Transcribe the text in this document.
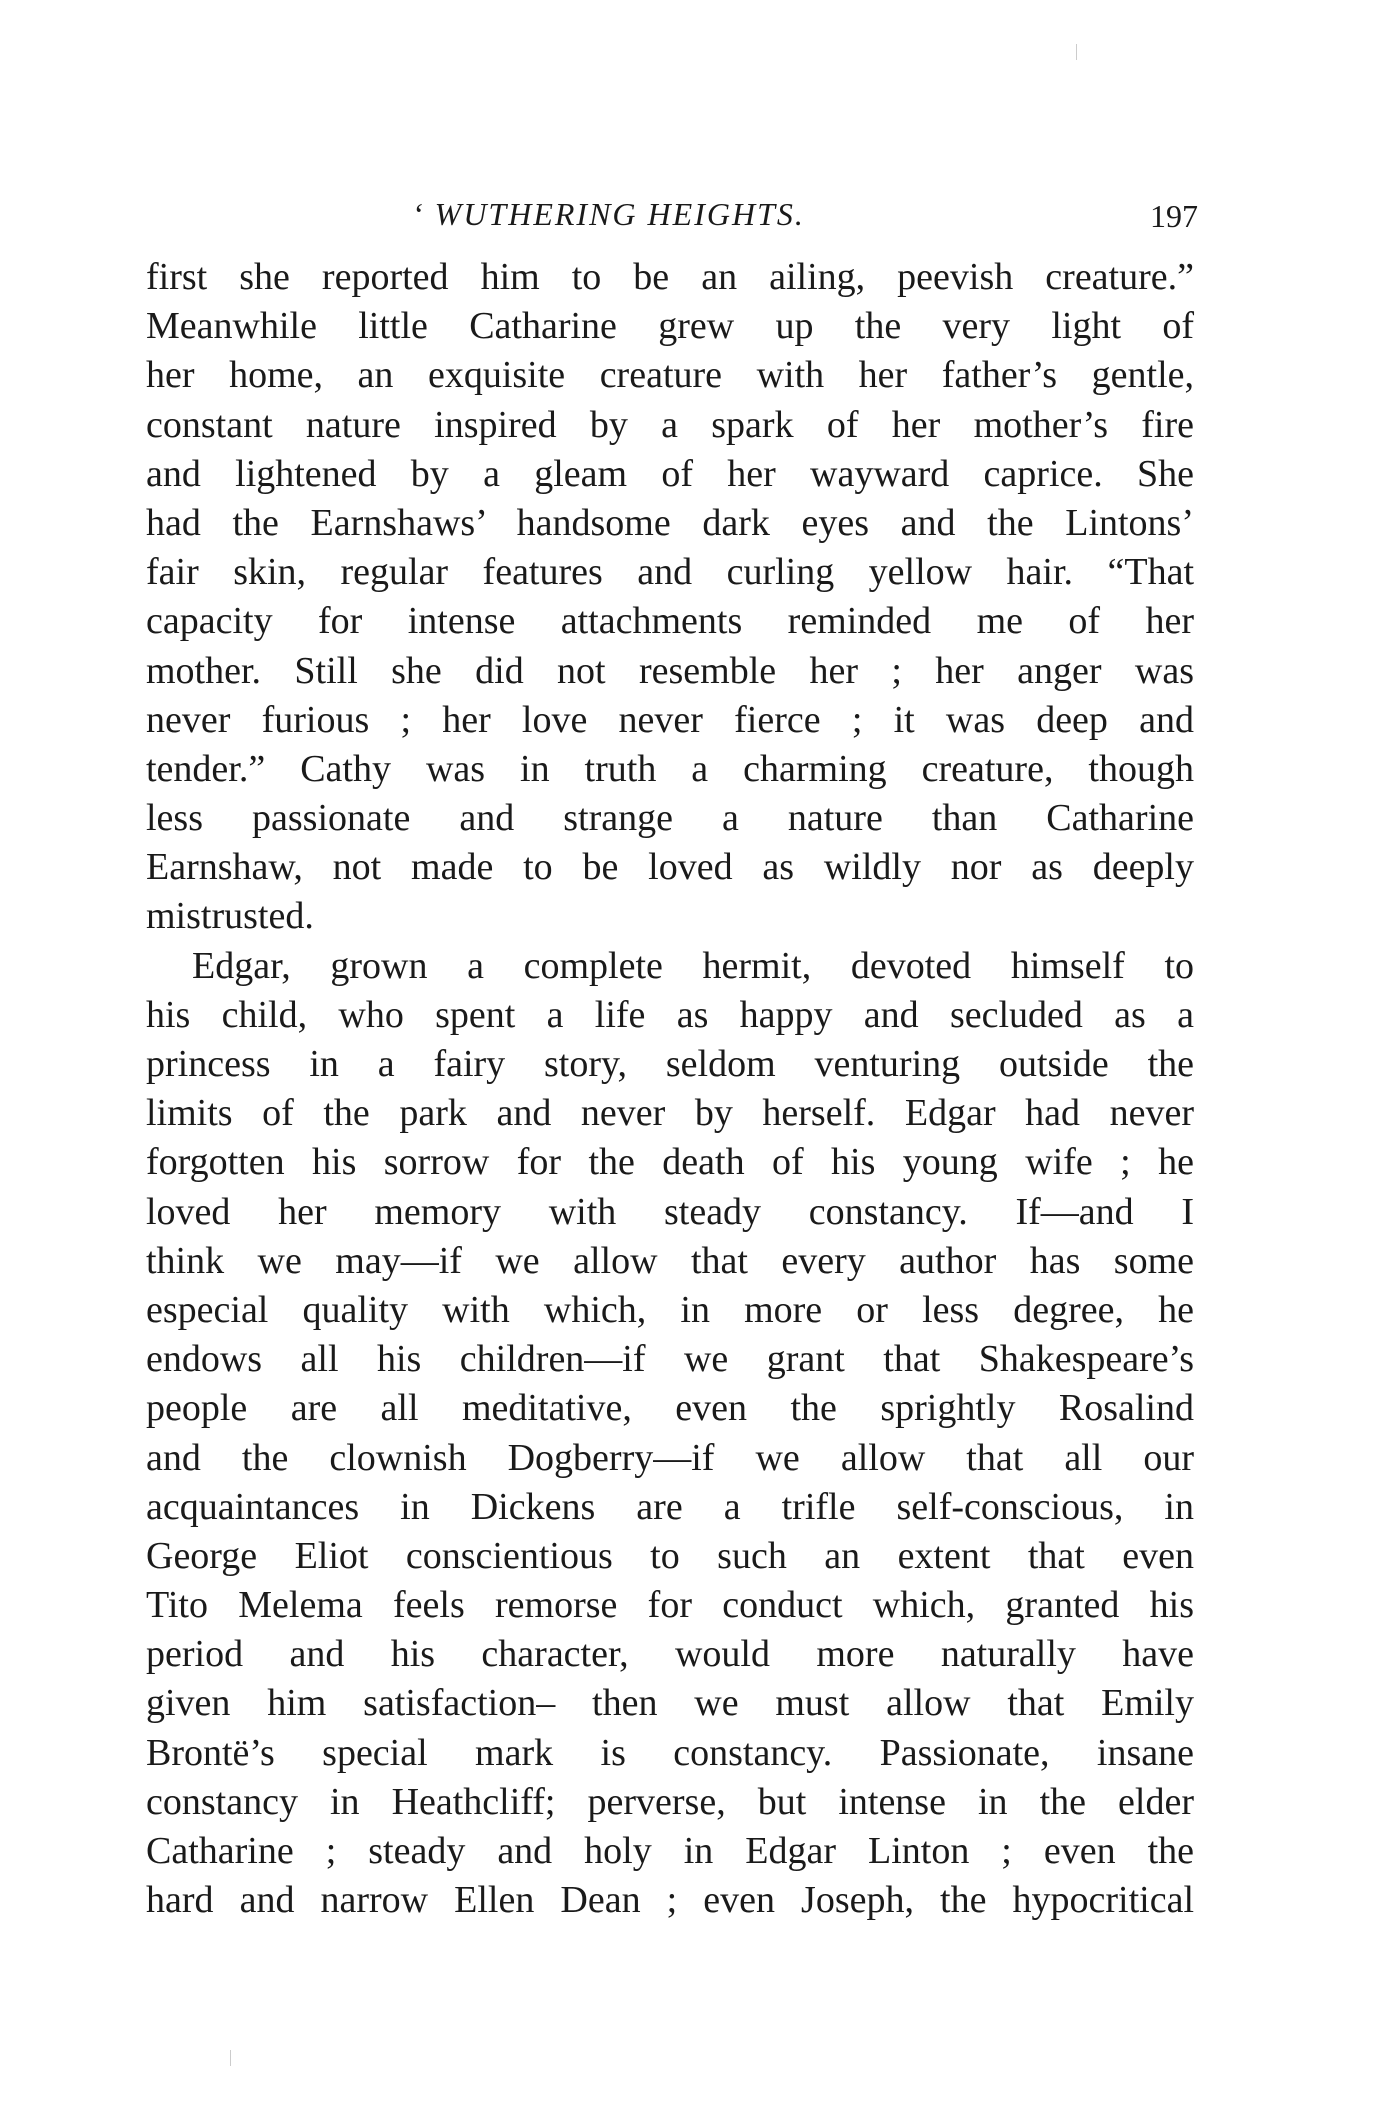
‘ WUTHERING HEIGHTS.	197
first she reported him to be an ailing, peevish creature.”
Meanwhile little Catharine grew up the very light of
her home, an exquisite creature with her father’s gentle,
constant nature inspired by a spark of her mother’s fire
and lightened by a gleam of her wayward caprice. She
had the Earnshaws’ handsome dark eyes and the Lintons’
fair skin, regular features and curling yellow hair. “That
capacity for intense attachments reminded me of her
mother. Still she did not resemble her ; her anger was
never furious ; her love never fierce ; it was deep and
tender.” Cathy was in truth a charming creature, though
less passionate and strange a nature than Catharine
Earnshaw, not made to be loved as wildly nor as deeply
mistrusted.
Edgar, grown a complete hermit, devoted himself to
his child, who spent a life as happy and secluded as a
princess in a fairy story, seldom venturing outside the
limits of the park and never by herself. Edgar had never
forgotten his sorrow for the death of his young wife ; he
loved her memory with steady constancy. If—and I
think we may—if we allow that every author has some
especial quality with which, in more or less degree, he
endows all his children—if we grant that Shakespeare’s
people are all meditative, even the sprightly Rosalind
and the clownish Dogberry—if we allow that all our
acquaintances in Dickens are a trifle self-conscious, in
George Eliot conscientious to such an extent that even
Tito Melema feels remorse for conduct which, granted his
period and his character, would more naturally have
given him satisfaction– then we must allow that Emily
Brontë’s special mark is constancy. Passionate, insane
constancy in Heathcliff; perverse, but intense in the elder
Catharine ; steady and holy in Edgar Linton ; even the
hard and narrow Ellen Dean ; even Joseph, the hypocritical
